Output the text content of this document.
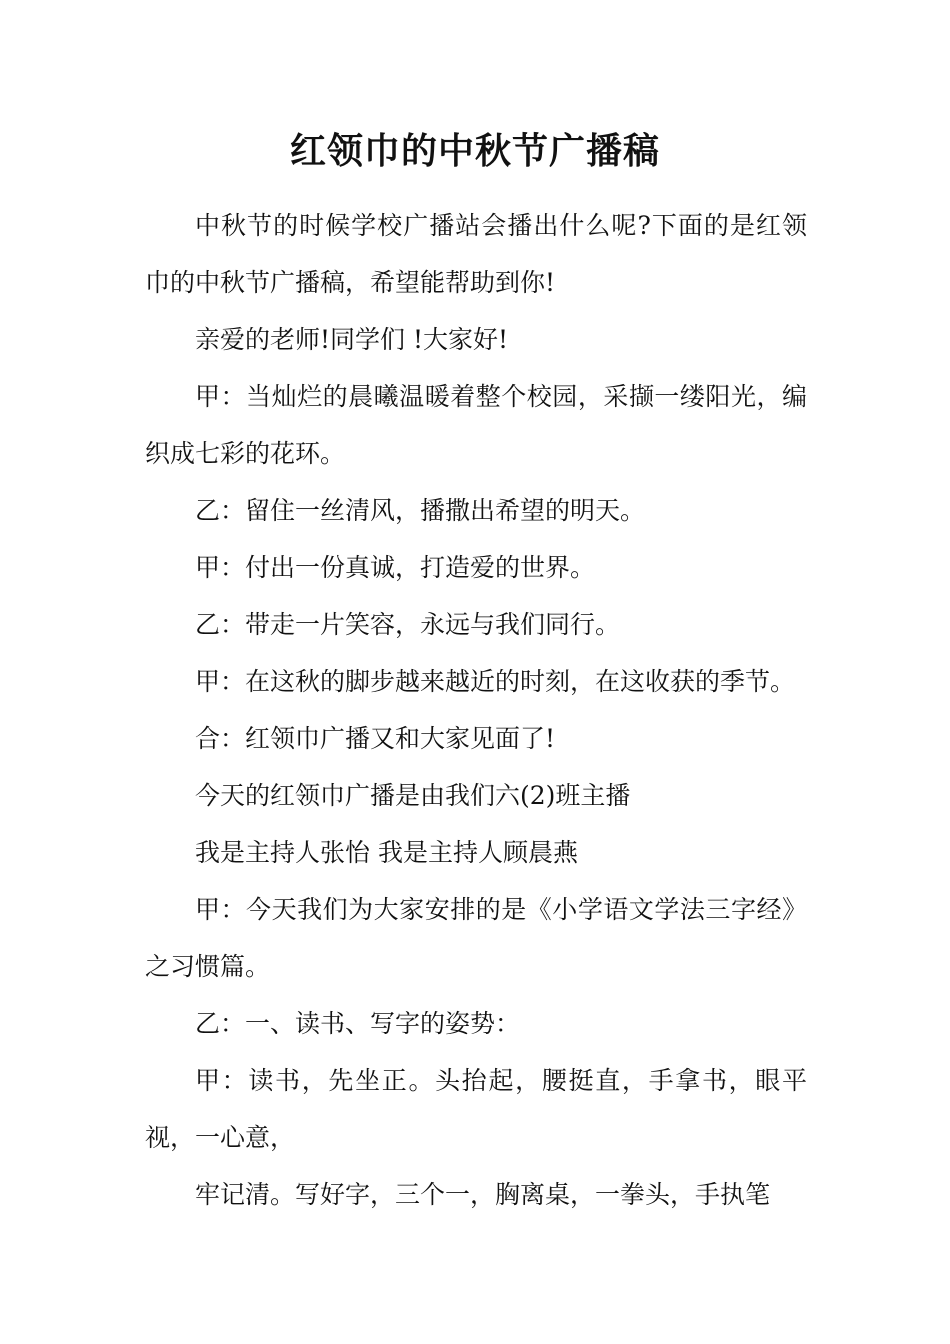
红领巾的中秋节广播稿

中秋节的时候学校广播站会播出什么呢?下面的是红领巾的中秋节广播稿，希望能帮助到你!

亲爱的老师!同学们 !大家好!

甲：当灿烂的晨曦温暖着整个校园，采撷一缕阳光，编织成七彩的花环。

乙：留住一丝清风，播撒出希望的明天。

甲：付出一份真诚，打造爱的世界。

乙：带走一片笑容，永远与我们同行。

甲：在这秋的脚步越来越近的时刻，在这收获的季节。

合：红领巾广播又和大家见面了!

今天的红领巾广播是由我们六(2)班主播

我是主持人张怡 我是主持人顾晨燕

甲：今天我们为大家安排的是《小学语文学法三字经》之习惯篇。

乙：一、读书、写字的姿势：

甲：读书，先坐正。头抬起，腰挺直，手拿书，眼平视，一心意，

牢记清。写好字，三个一，胸离桌，一拳头，手执笔
